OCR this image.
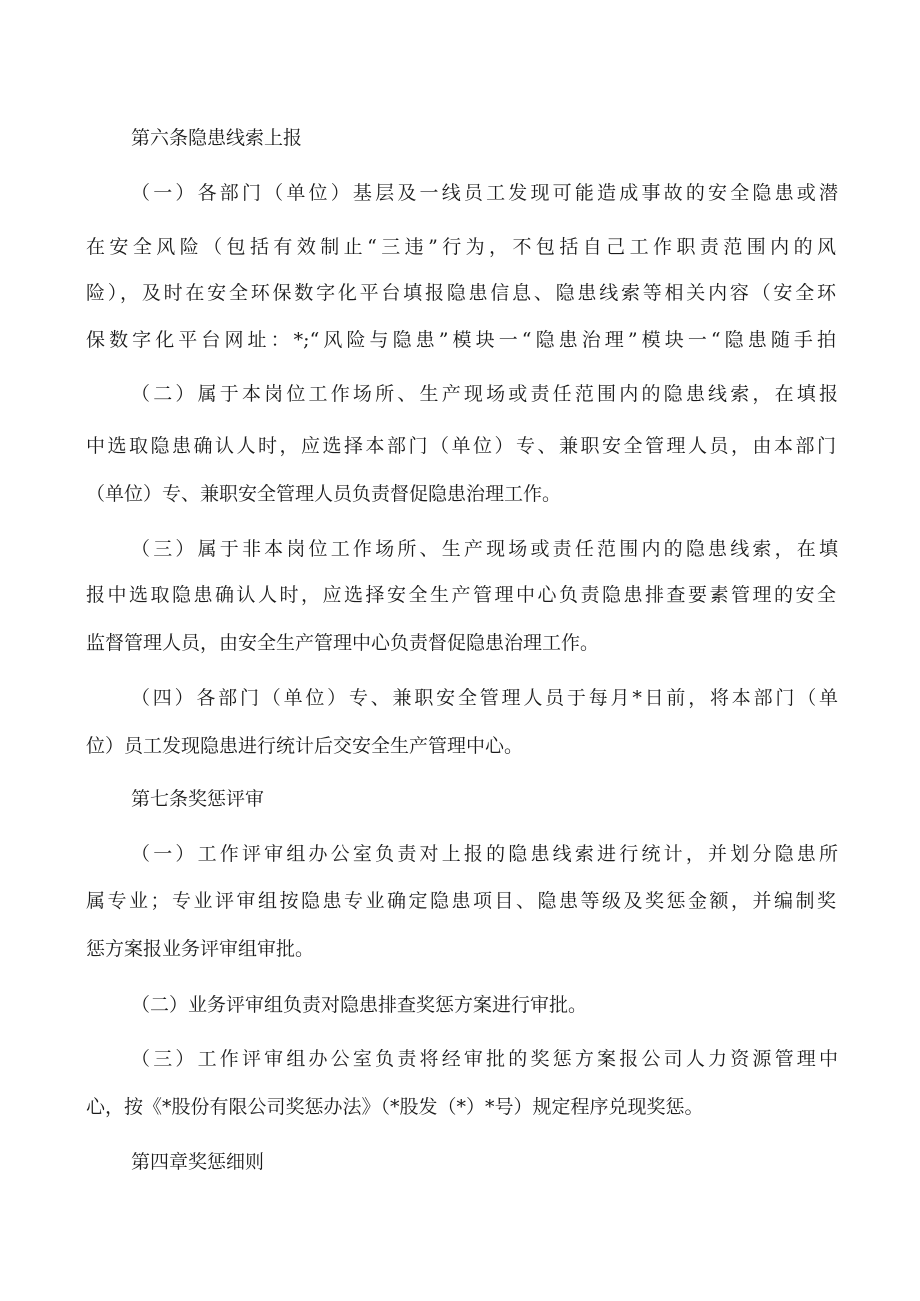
第六条隐患线索上报

（一）各部门（单位）基层及一线员工发现可能造成事故的安全隐患或潜

在安全风险（包括有效制止“三违”行为，不包括自己工作职责范围内的风

险），及时在安全环保数字化平台填报隐患信息、隐患线索等相关内容（安全环

保数字化平台网址：*;“风险与隐患”模块一“隐患治理”模块一“隐患随手拍

（二）属于本岗位工作场所、生产现场或责任范围内的隐患线索，在填报

中选取隐患确认人时，应选择本部门（单位）专、兼职安全管理人员，由本部门

（单位）专、兼职安全管理人员负责督促隐患治理工作。

（三）属于非本岗位工作场所、生产现场或责任范围内的隐患线索，在填

报中选取隐患确认人时，应选择安全生产管理中心负责隐患排查要素管理的安全

监督管理人员，由安全生产管理中心负责督促隐患治理工作。

（四）各部门（单位）专、兼职安全管理人员于每月*日前，将本部门（单

位）员工发现隐患进行统计后交安全生产管理中心。

第七条奖惩评审

（一）工作评审组办公室负责对上报的隐患线索进行统计，并划分隐患所

属专业；专业评审组按隐患专业确定隐患项目、隐患等级及奖惩金额，并编制奖

惩方案报业务评审组审批。

（二）业务评审组负责对隐患排查奖惩方案进行审批。

（三）工作评审组办公室负责将经审批的奖惩方案报公司人力资源管理中

心，按《*股份有限公司奖惩办法》（*股发（*）*号）规定程序兑现奖惩。

第四章奖惩细则
